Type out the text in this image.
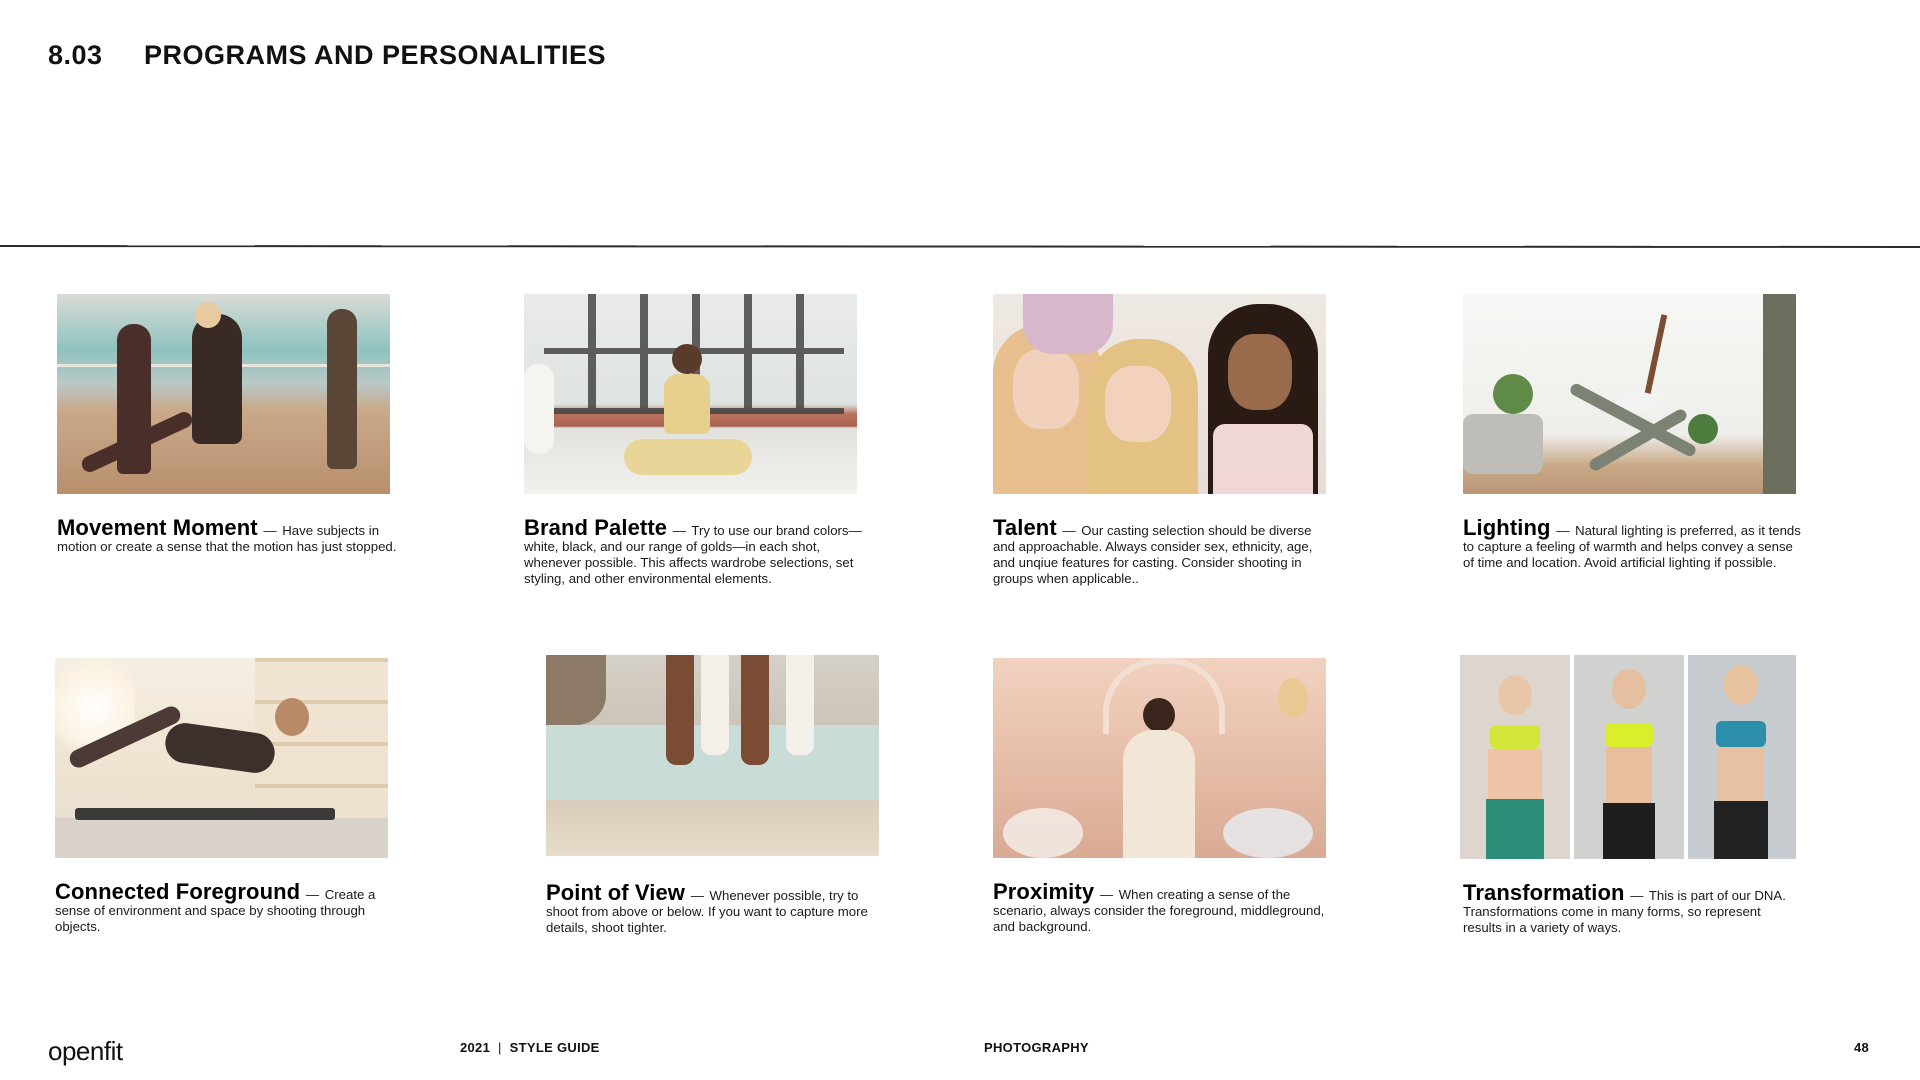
8.03	PROGRAMS AND PERSONALITIES
Movement Moment — Have subjects in motion or create a sense that the motion has just stopped.
Brand Palette — Try to use our brand colors—white, black, and our range of golds—in each shot, whenever possible. This affects wardrobe selections, set styling, and other environmental elements.
Talent — Our casting selection should be diverse and approachable. Always consider sex, ethnicity, age, and unqiue features for casting. Consider shooting in groups when applicable..
Lighting — Natural lighting is preferred, as it tends to capture a feeling of warmth and helps convey a sense of time and location. Avoid artificial lighting if possible.
Connected Foreground — Create a sense of environment and space by shooting through objects.
Point of View — Whenever possible, try to shoot from above or below. If you want to capture more details, shoot tighter.
Proximity — When creating a sense of the scenario, always consider the foreground, middleground, and background.
Transformation — This is part of our DNA. Transformations come in many forms, so represent results in a variety of ways.
openfit	2021 | STYLE GUIDE	PHOTOGRAPHY	48
